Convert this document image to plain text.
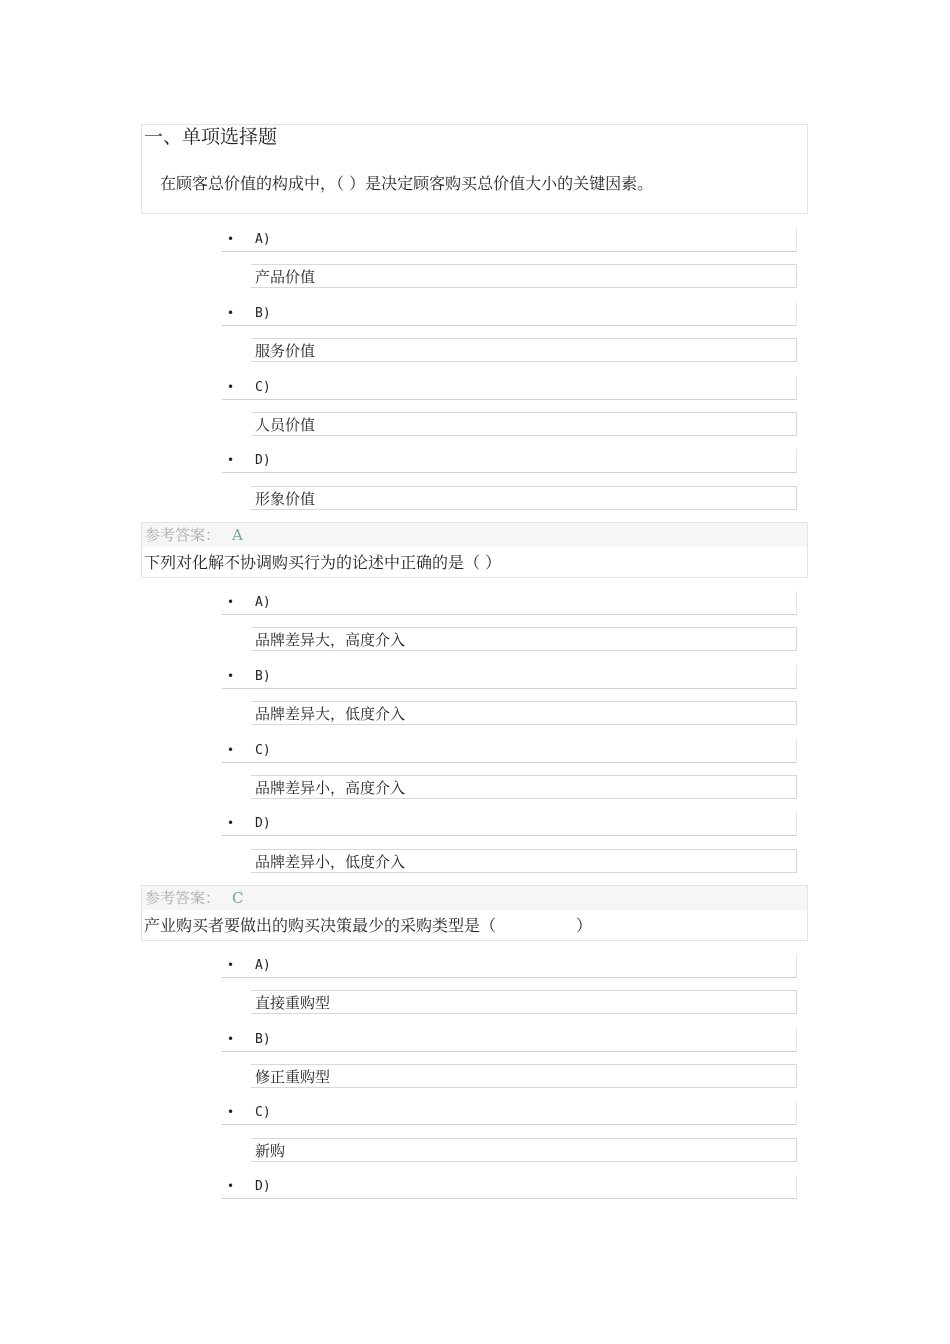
一、单项选择题
在顾客总价值的构成中，（ ）是决定顾客购买总价值大小的关键因素。
• A)
产品价值
• B)
服务价值
• C)
人员价值
• D)
形象价值
参考答案： A
下列对化解不协调购买行为的论述中正确的是（ ）
• A)
品牌差异大，高度介入
• B)
品牌差异大，低度介入
• C)
品牌差异小，高度介入
• D)
品牌差异小，低度介入
参考答案： C
产业购买者要做出的购买决策最少的采购类型是（　　　　　）
• A)
直接重购型
• B)
修正重购型
• C)
新购
• D)
